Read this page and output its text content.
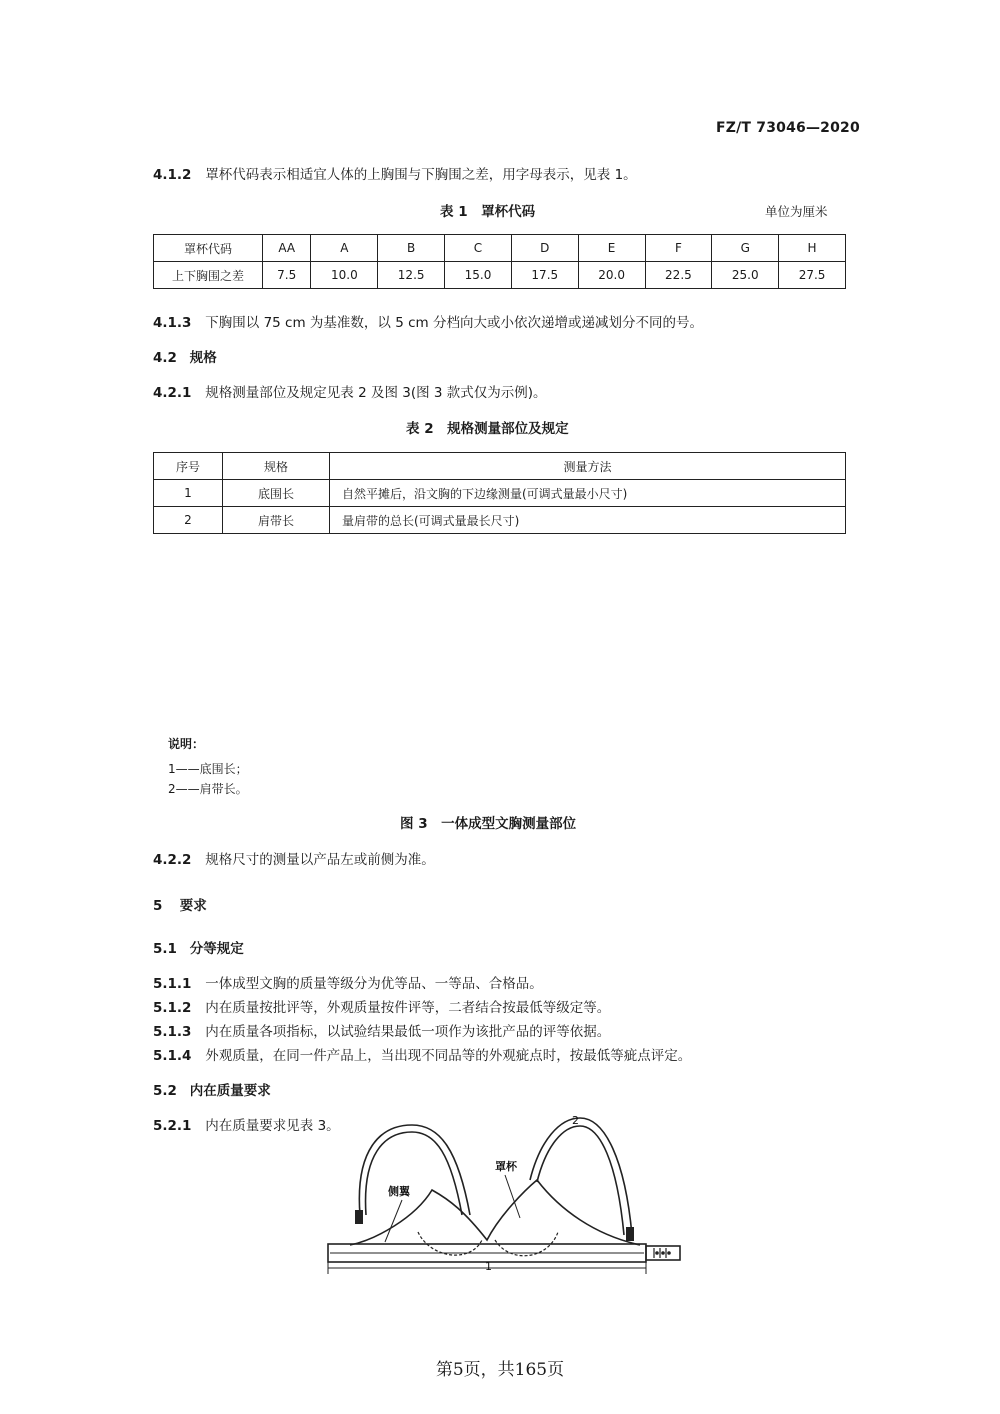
FZ/T 73046—2020
4.1.2 罩杯代码表示相适宜人体的上胸围与下胸围之差，用字母表示，见表 1。
表 1　罩杯代码	单位为厘米
罩杯代码	AA	A	B	C	D	E	F	G	H
上下胸围之差	7.5	10.0	12.5	15.0	17.5	20.0	22.5	25.0	27.5
4.1.3 下胸围以 75 cm 为基准数，以 5 cm 分档向大或小依次递增或递减划分不同的号。
4.2 规格
4.2.1 规格测量部位及规定见表 2 及图 3(图 3 款式仅为示例)。
表 2　规格测量部位及规定
序号	规格	测量方法
1	底围长	自然平摊后，沿文胸的下边缘测量(可调式量最小尺寸)
2	肩带长	量肩带的总长(可调式量最长尺寸)
侧翼
罩杯
1
2
说明：
1——底围长；
2——肩带长。
图 3　一体成型文胸测量部位
4.2.2 规格尺寸的测量以产品左或前侧为准。
5 要求
5.1 分等规定
5.1.1 一体成型文胸的质量等级分为优等品、一等品、合格品。
5.1.2 内在质量按批评等，外观质量按件评等，二者结合按最低等级定等。
5.1.3 内在质量各项指标，以试验结果最低一项作为该批产品的评等依据。
5.1.4 外观质量，在同一件产品上，当出现不同品等的外观疵点时，按最低等疵点评定。
5.2 内在质量要求
5.2.1 内在质量要求见表 3。
第5页，共165页
